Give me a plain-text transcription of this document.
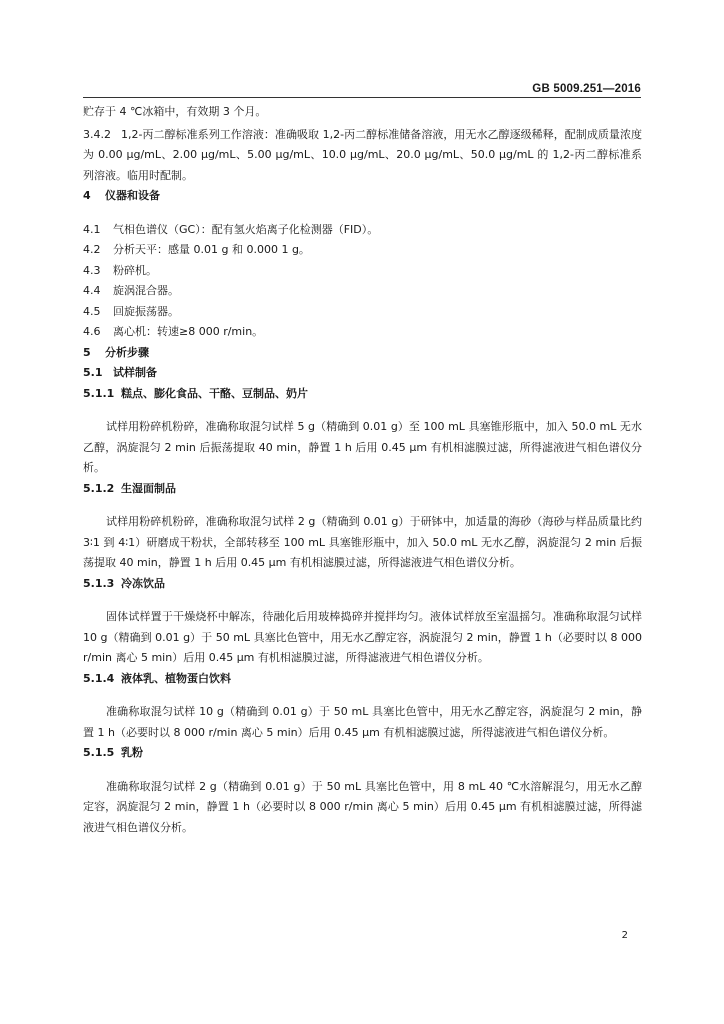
GB 5009.251—2016

贮存于 4 ℃冰箱中，有效期 3 个月。

3.4.2 1,2-丙二醇标准系列工作溶液：准确吸取 1,2-丙二醇标准储备溶液，用无水乙醇逐级稀释，配制成质量浓度为 0.00 μg/mL、2.00 μg/mL、5.00 μg/mL、10.0 μg/mL、20.0 μg/mL、50.0 μg/mL 的 1,2-丙二醇标准系列溶液。临用时配制。

4 仪器和设备

4.1 气相色谱仪（GC）：配有氢火焰离子化检测器（FID）。

4.2 分析天平：感量 0.01 g 和 0.000 1 g。

4.3 粉碎机。

4.4 旋涡混合器。

4.5 回旋振荡器。

4.6 离心机：转速≥8 000 r/min。

5 分析步骤

5.1 试样制备

5.1.1 糕点、膨化食品、干酪、豆制品、奶片

试样用粉碎机粉碎，准确称取混匀试样 5 g（精确到 0.01 g）至 100 mL 具塞锥形瓶中，加入 50.0 mL 无水乙醇，涡旋混匀 2 min 后振荡提取 40 min，静置 1 h 后用 0.45 μm 有机相滤膜过滤，所得滤液进气相色谱仪分析。

5.1.2 生湿面制品

试样用粉碎机粉碎，准确称取混匀试样 2 g（精确到 0.01 g）于研钵中，加适量的海砂（海砂与样品质量比约 3∶1 到 4∶1）研磨成干粉状，全部转移至 100 mL 具塞锥形瓶中，加入 50.0 mL 无水乙醇，涡旋混匀 2 min 后振荡提取 40 min，静置 1 h 后用 0.45 μm 有机相滤膜过滤，所得滤液进气相色谱仪分析。

5.1.3 冷冻饮品

固体试样置于干燥烧杯中解冻，待融化后用玻棒捣碎并搅拌均匀。液体试样放至室温摇匀。准确称取混匀试样 10 g（精确到 0.01 g）于 50 mL 具塞比色管中，用无水乙醇定容，涡旋混匀 2 min，静置 1 h（必要时以 8 000 r/min 离心 5 min）后用 0.45 μm 有机相滤膜过滤，所得滤液进气相色谱仪分析。

5.1.4 液体乳、植物蛋白饮料

准确称取混匀试样 10 g（精确到 0.01 g）于 50 mL 具塞比色管中，用无水乙醇定容，涡旋混匀 2 min，静置 1 h（必要时以 8 000 r/min 离心 5 min）后用 0.45 μm 有机相滤膜过滤，所得滤液进气相色谱仪分析。

5.1.5 乳粉

准确称取混匀试样 2 g（精确到 0.01 g）于 50 mL 具塞比色管中，用 8 mL 40 ℃水溶解混匀，用无水乙醇定容，涡旋混匀 2 min，静置 1 h（必要时以 8 000 r/min 离心 5 min）后用 0.45 μm 有机相滤膜过滤，所得滤液进气相色谱仪分析。

2
